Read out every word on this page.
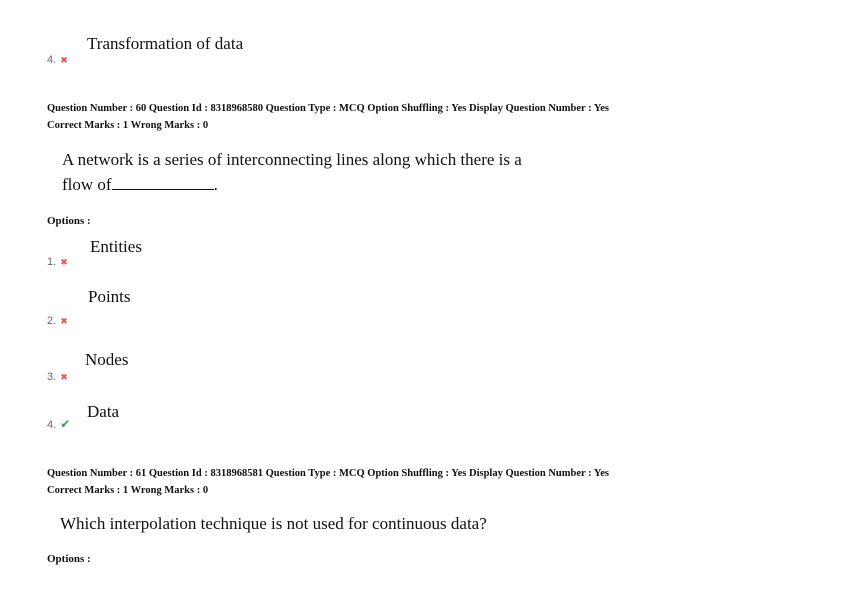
Transformation of data
4. ✖
Question Number : 60 Question Id : 8318968580 Question Type : MCQ Option Shuffling : Yes Display Question Number : Yes
Correct Marks : 1 Wrong Marks : 0
A network is a series of interconnecting lines along which there is a
flow of	.
Options :
Entities
1. ✖
Points
2. ✖
Nodes
3. ✖
Data
4. ✔
Question Number : 61 Question Id : 8318968581 Question Type : MCQ Option Shuffling : Yes Display Question Number : Yes
Correct Marks : 1 Wrong Marks : 0
Which interpolation technique is not used for continuous data?
Options :
